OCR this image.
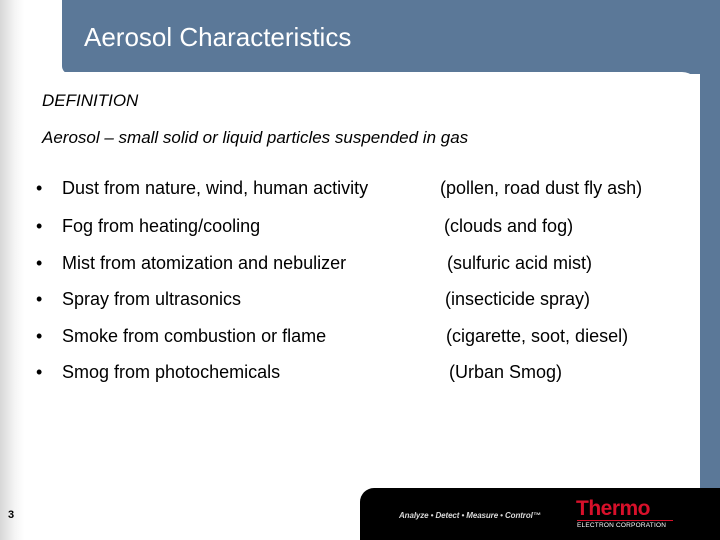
Aerosol Characteristics
DEFINITION
Aerosol – small solid or liquid particles suspended in gas
• Dust from nature, wind, human activity	(pollen, road dust fly ash)
• Fog from heating/cooling	(clouds and fog)
• Mist from atomization and nebulizer	(sulfuric acid mist)
• Spray from ultrasonics	(insecticide spray)
• Smoke from combustion or flame	(cigarette, soot, diesel)
• Smog from photochemicals	(Urban Smog)
3	Analyze • Detect • Measure • Control™ Thermo
ELECTRON CORPORATION
